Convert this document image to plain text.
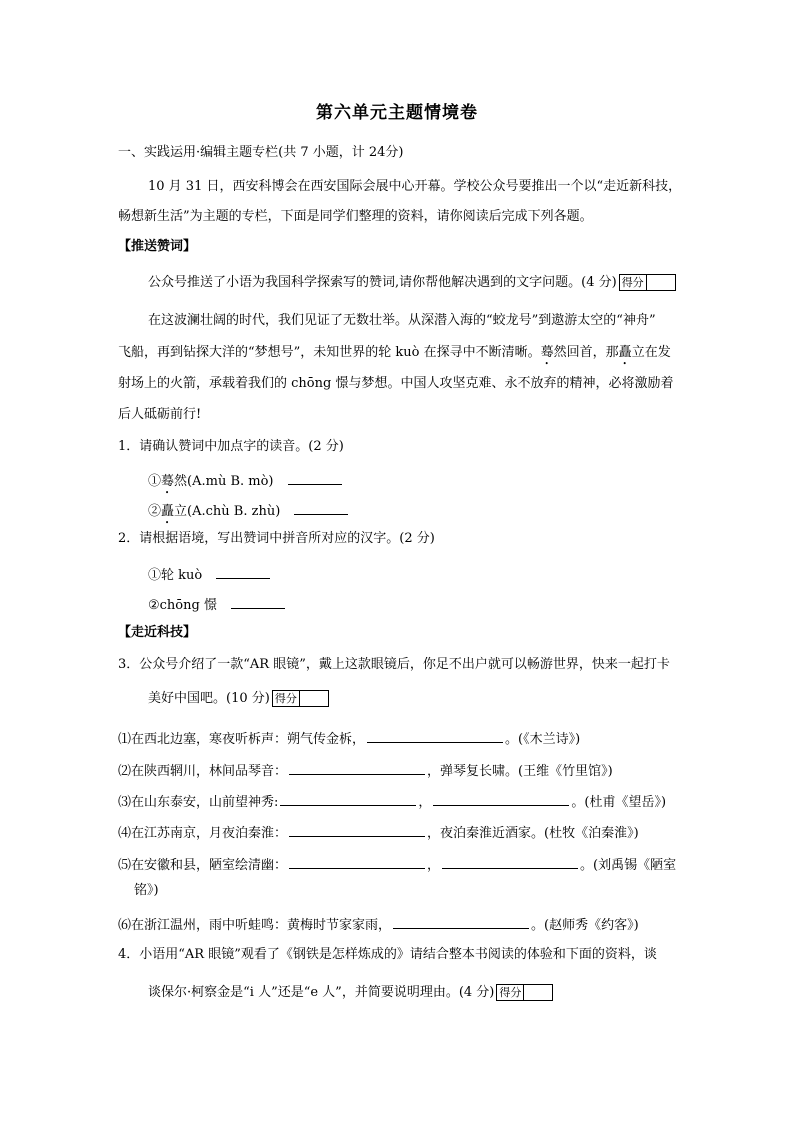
第六单元主题情境卷
一、实践运用·编辑主题专栏(共 7 小题，计 24分)
10 月 31 日，西安科博会在西安国际会展中心开幕。学校公众号要推出一个以“走近新科技，
畅想新生活”为主题的专栏，下面是同学们整理的资料，请你阅读后完成下列各题。
【推送赞词】
公众号推送了小语为我国科学探索写的赞词,请你帮他解决遇到的文字问题。(4 分) 得分
在这波澜壮阔的时代，我们见证了无数壮举。从深潜入海的“蛟龙号”到遨游太空的“神舟”
飞船，再到钻探大洋的“梦想号”，未知世界的轮 kuò 在探寻中不断清晰。蓦然回首，那矗立在发
射场上的火箭，承载着我们的 chōng 憬与梦想。中国人攻坚克难、永不放弃的精神，必将激励着
后人砥砺前行!
1．请确认赞词中加点字的读音。(2 分)
①蓦然(A.mù B. mò)
②矗立(A.chù B. zhù)
2．请根据语境，写出赞词中拼音所对应的汉字。(2 分)
①轮 kuò
②chōng 憬
【走近科技】
3．公众号介绍了一款“AR 眼镜”，戴上这款眼镜后，你足不出户就可以畅游世界，快来一起打卡
美好中国吧。(10 分) 得分
⑴在西北边塞，寒夜听柝声：朔气传金柝，	。(《木兰诗》)
⑵在陕西辋川，林间品琴音：	，弹琴复长啸。(王维《竹里馆》)
⑶在山东泰安，山前望神秀:	，	。(杜甫《望岳》)
⑷在江苏南京，月夜泊秦淮：	，夜泊秦淮近酒家。(杜牧《泊秦淮》)
⑸在安徽和县，陋室绘清幽：	，	。(刘禹锡《陋室
铭》)
⑹在浙江温州，雨中听蛙鸣：黄梅时节家家雨，	。(赵师秀《约客》)
4．小语用“AR 眼镜”观看了《钢铁是怎样炼成的》请结合整本书阅读的体验和下面的资料，谈
谈保尔·柯察金是“i 人”还是“e 人”，并简要说明理由。(4 分) 得分
